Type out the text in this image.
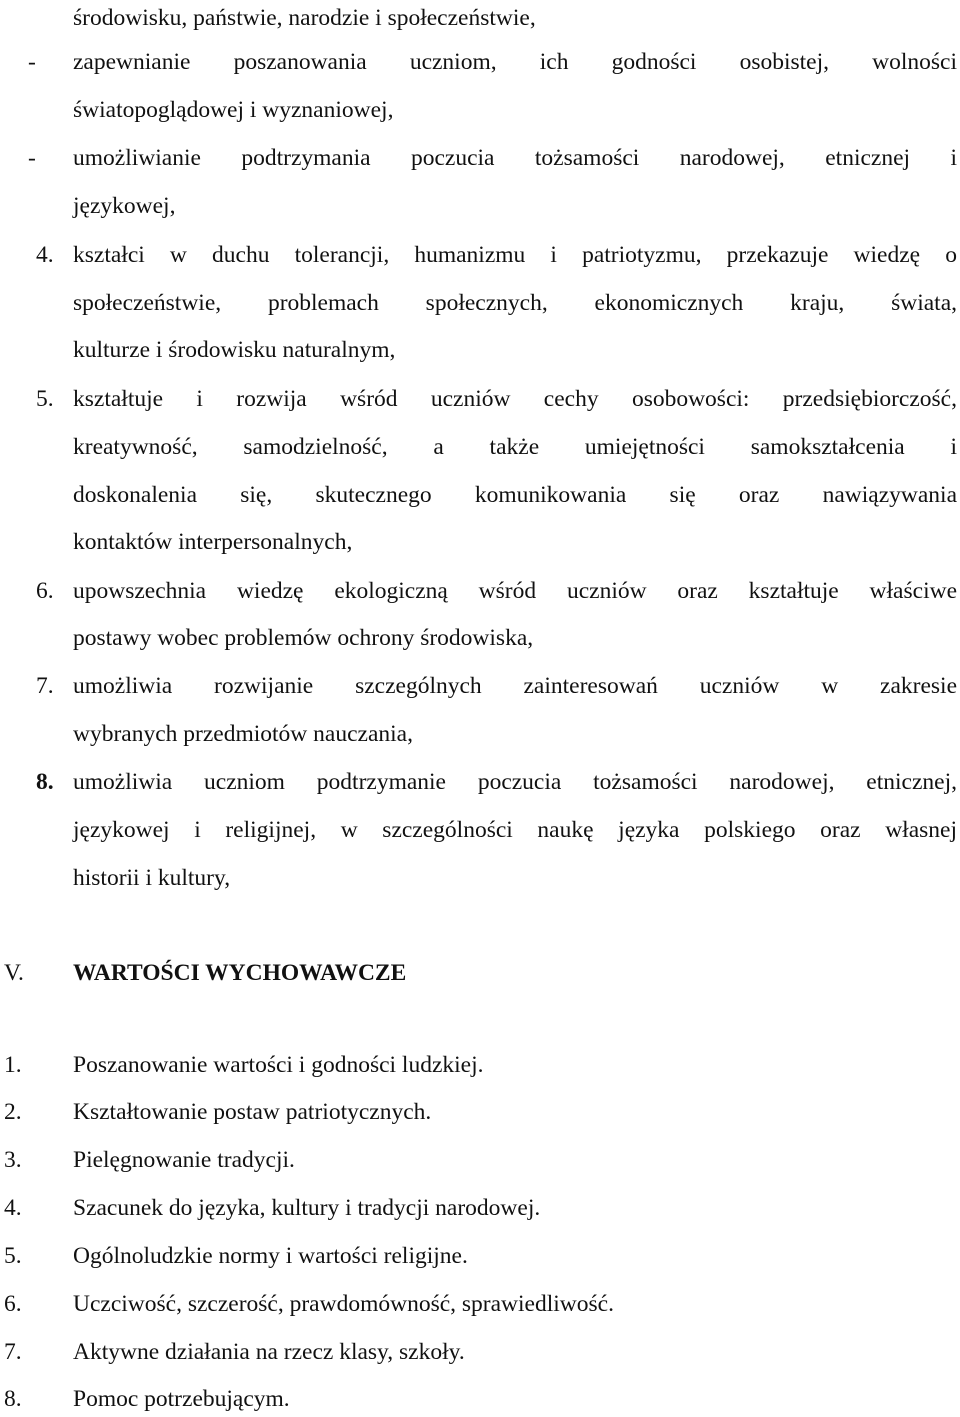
środowisku, państwie, narodzie i społeczeństwie,
-	zapewnianie poszanowania uczniom, ich godności osobistej, wolności
światopoglądowej i wyznaniowej,
-	umożliwianie podtrzymania poczucia tożsamości narodowej, etnicznej i
językowej,
4. kształci w duchu tolerancji, humanizmu i patriotyzmu, przekazuje wiedzę o
społeczeństwie, problemach społecznych, ekonomicznych kraju, świata,
kulturze i środowisku naturalnym,
5. kształtuje i rozwija wśród uczniów cechy osobowości: przedsiębiorczość,
kreatywność, samodzielność, a także umiejętności samokształcenia i
doskonalenia się, skutecznego komunikowania się oraz nawiązywania
kontaktów interpersonalnych,
6. upowszechnia wiedzę ekologiczną wśród uczniów oraz kształtuje właściwe
postawy wobec problemów ochrony środowiska,
7. umożliwia rozwijanie szczególnych zainteresowań uczniów w zakresie
wybranych przedmiotów nauczania,
8. umożliwia uczniom podtrzymanie poczucia tożsamości narodowej, etnicznej,
językowej i religijnej, w szczególności naukę języka polskiego oraz własnej
historii i kultury,
V. WARTOŚCI WYCHOWAWCZE
1. Poszanowanie wartości i godności ludzkiej.
2. Kształtowanie postaw patriotycznych.
3. Pielęgnowanie tradycji.
4. Szacunek do języka, kultury i tradycji narodowej.
5. Ogólnoludzkie normy i wartości religijne.
6. Uczciwość, szczerość, prawdomówność, sprawiedliwość.
7. Aktywne działania na rzecz klasy, szkoły.
8. Pomoc potrzebującym.
